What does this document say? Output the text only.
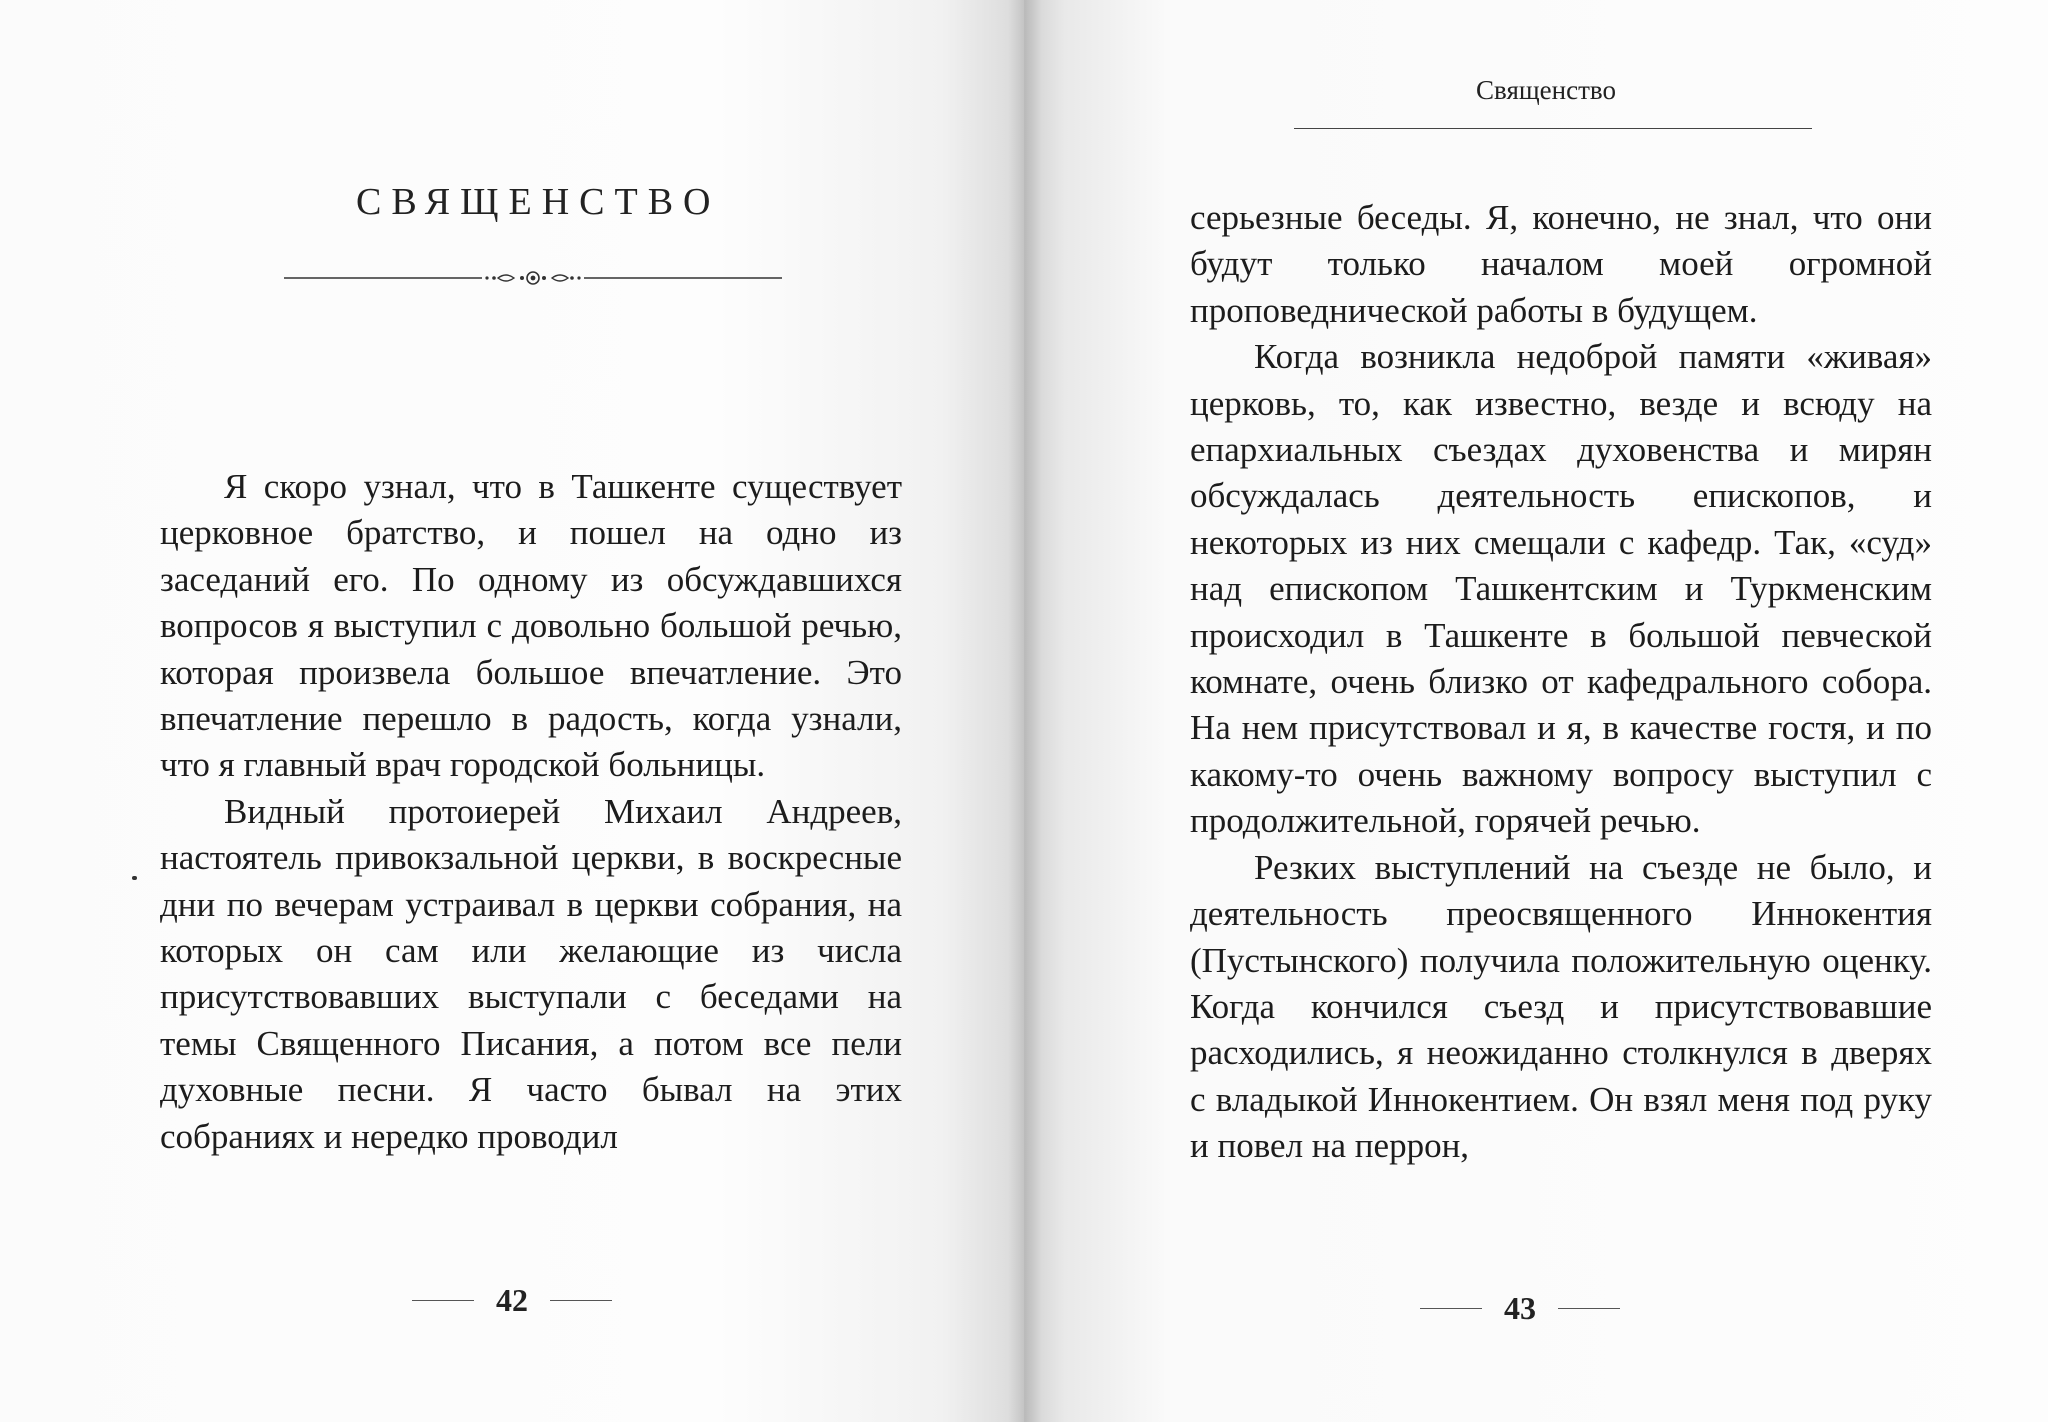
СВЯЩЕНСТВО

Я скоро узнал, что в Ташкенте существует церковное братство, и пошел на одно из заседаний его. По одному из обсуждавшихся вопросов я выступил с довольно большой речью, которая произвела большое впечатление. Это впечатление перешло в радость, когда узнали, что я главный врач городской больницы.

Видный протоиерей Михаил Андреев, настоятель привокзальной церкви, в воскресные дни по вечерам устраивал в церкви собрания, на которых он сам или желающие из числа присутствовавших выступали с беседами на темы Священного Писания, а потом все пели духовные песни. Я часто бывал на этих собраниях и нередко проводил

42

Священство

серьезные беседы. Я, конечно, не знал, что они будут только началом моей огромной проповеднической работы в будущем.

Когда возникла недоброй памяти «живая» церковь, то, как известно, везде и всюду на епархиальных съездах духовенства и мирян обсуждалась деятельность епископов, и некоторых из них смещали с кафедр. Так, «суд» над епископом Ташкентским и Туркменским происходил в Ташкенте в большой певческой комнате, очень близко от кафедрального собора. На нем присутствовал и я, в качестве гостя, и по какому-то очень важному вопросу выступил с продолжительной, горячей речью.

Резких выступлений на съезде не было, и деятельность преосвященного Иннокентия (Пустынского) получила положительную оценку. Когда кончился съезд и присутствовавшие расходились, я неожиданно столкнулся в дверях с владыкой Иннокентием. Он взял меня под руку и повел на перрон,

43
